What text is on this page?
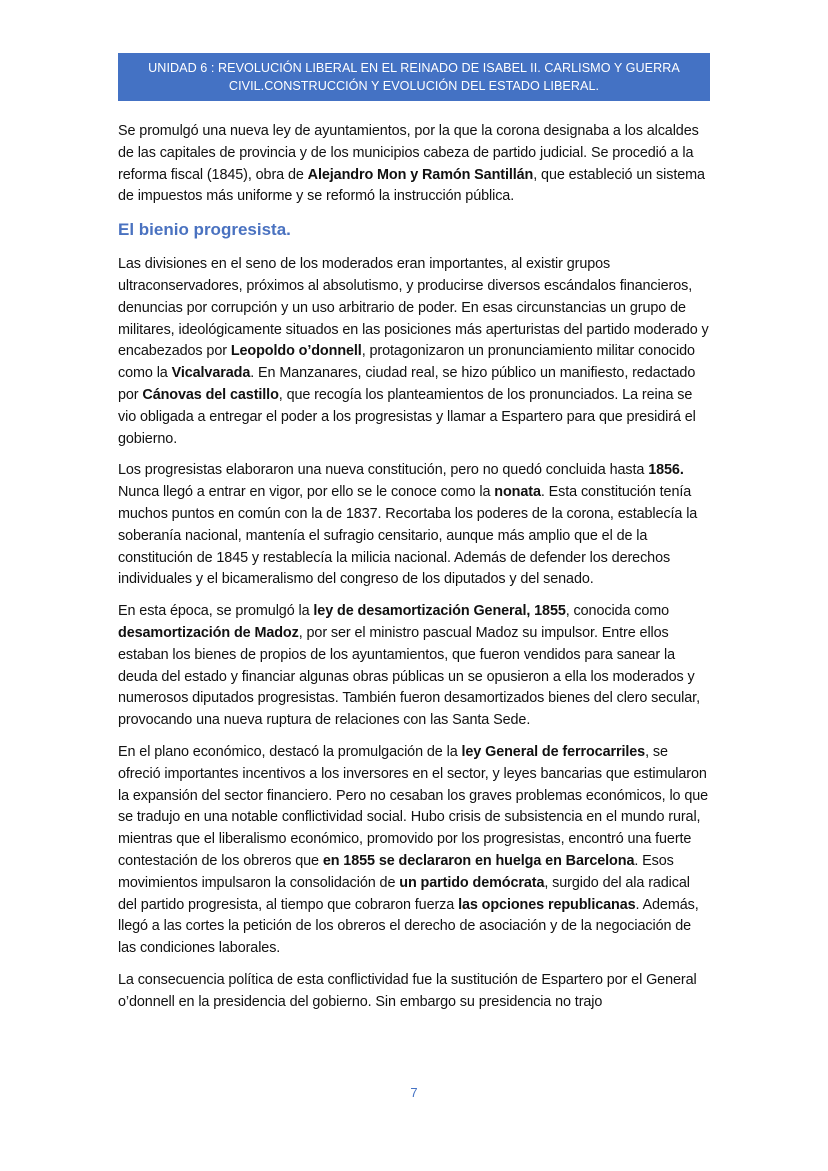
UNIDAD 6 : REVOLUCIÓN LIBERAL EN EL REINADO DE ISABEL II. CARLISMO Y GUERRA
CIVIL.CONSTRUCCIÓN Y EVOLUCIÓN DEL ESTADO LIBERAL.

Se promulgó una nueva ley de ayuntamientos, por la que la corona designaba a los alcaldes de las capitales de provincia y de los municipios cabeza de partido judicial. Se procedió a la reforma fiscal (1845), obra de Alejandro Mon y Ramón Santillán, que estableció un sistema de impuestos más uniforme y se reformó la instrucción pública.

El bienio progresista.

Las divisiones en el seno de los moderados eran importantes, al existir grupos ultraconservadores, próximos al absolutismo, y producirse diversos escándalos financieros, denuncias por corrupción y un uso arbitrario de poder. En esas circunstancias un grupo de militares, ideológicamente situados en las posiciones más aperturistas del partido moderado y encabezados por Leopoldo o’donnell, protagonizaron un pronunciamiento militar conocido como la Vicalvarada. En Manzanares, ciudad real, se hizo público un manifiesto, redactado por Cánovas del castillo, que recogía los planteamientos de los pronunciados. La reina se vio obligada a entregar el poder a los progresistas y llamar a Espartero para que presidirá el gobierno.

Los progresistas elaboraron una nueva constitución, pero no quedó concluida hasta 1856. Nunca llegó a entrar en vigor, por ello se le conoce como la nonata. Esta constitución tenía muchos puntos en común con la de 1837. Recortaba los poderes de la corona, establecía la soberanía nacional, mantenía el sufragio censitario, aunque más amplio que el de la constitución de 1845 y restablecía la milicia nacional. Además de defender los derechos individuales y el bicameralismo del congreso de los diputados y del senado.

En esta época, se promulgó la ley de desamortización General, 1855, conocida como desamortización de Madoz, por ser el ministro pascual Madoz su impulsor. Entre ellos estaban los bienes de propios de los ayuntamientos, que fueron vendidos para sanear la deuda del estado y financiar algunas obras públicas un se opusieron a ella los moderados y numerosos diputados progresistas. También fueron desamortizados bienes del clero secular, provocando una nueva ruptura de relaciones con las Santa Sede.

En el plano económico, destacó la promulgación de la ley General de ferrocarriles, se ofreció importantes incentivos a los inversores en el sector, y leyes bancarias que estimularon la expansión del sector financiero. Pero no cesaban los graves problemas económicos, lo que se tradujo en una notable conflictividad social. Hubo crisis de subsistencia en el mundo rural, mientras que el liberalismo económico, promovido por los progresistas, encontró una fuerte contestación de los obreros que en 1855 se declararon en huelga en Barcelona. Esos movimientos impulsaron la consolidación de un partido demócrata, surgido del ala radical del partido progresista, al tiempo que cobraron fuerza las opciones republicanas. Además, llegó a las cortes la petición de los obreros el derecho de asociación y de la negociación de las condiciones laborales.

La consecuencia política de esta conflictividad fue la sustitución de Espartero por el General o’donnell en la presidencia del gobierno. Sin embargo su presidencia no trajo

7
